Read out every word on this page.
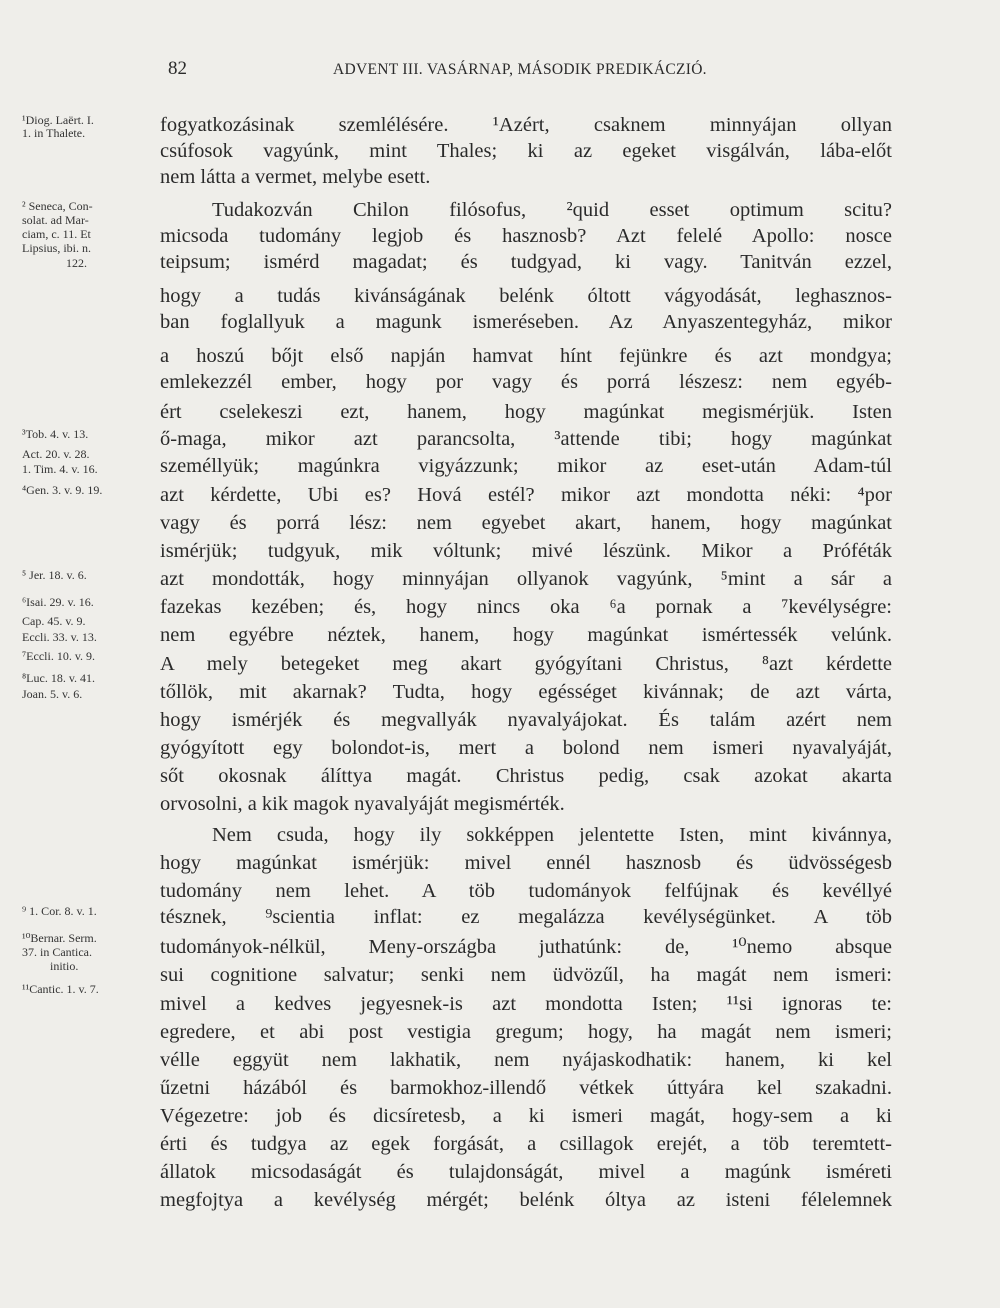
82	ADVENT III. VASÁRNAP, MÁSODIK PREDIKÁCZIÓ.
¹Diog. Laërt. I.
1. in Thalete.
² Seneca, Con-
solat. ad Mar-
ciam, c. 11. Et
Lipsius, ibi. n.
122.
³Tob. 4. v. 13.
Act. 20. v. 28.
1. Tim. 4. v. 16.
⁴Gen. 3. v. 9. 19.
⁵ Jer. 18. v. 6.
⁶Isai. 29. v. 16.
Cap. 45. v. 9.
Eccli. 33. v. 13.
⁷Eccli. 10. v. 9.
⁸Luc. 18. v. 41.
Joan. 5. v. 6.
⁹ 1. Cor. 8. v. 1.
¹⁰Bernar. Serm.
37. in Cantica.
initio.
¹¹Cantic. 1. v. 7.
fogyatkozásinak szemlélésére. ¹Azért, csaknem minnyájan ollyan
csúfosok vagyúnk, mint Thales; ki az egeket visgálván, lába-előt
nem látta a vermet, melybe esett.
Tudakozván Chilon filósofus, ²quid esset optimum scitu?
micsoda tudomány legjob és hasznosb? Azt felelé Apollo: nosce
teipsum; ismérd magadat; és tudgyad, ki vagy. Tanitván ezzel,
hogy a tudás kivánságának belénk óltott vágyodását, leghasznos-
ban foglallyuk a magunk ismeréseben. Az Anyaszentegyház, mikor
a hoszú bőjt első napján hamvat hínt fejünkre és azt mondgya;
emlekezzél ember, hogy por vagy és porrá lészesz: nem egyéb-
ért cselekeszi ezt, hanem, hogy magúnkat megismérjük. Isten
ő-maga, mikor azt parancsolta, ³attende tibi; hogy magúnkat
személlyük; magúnkra vigyázzunk; mikor az eset-után Adam-túl
azt kérdette, Ubi es? Hová estél? mikor azt mondotta néki: ⁴por
vagy és porrá lész: nem egyebet akart, hanem, hogy magúnkat
ismérjük; tudgyuk, mik vóltunk; mivé lészünk. Mikor a Próféták
azt mondották, hogy minnyájan ollyanok vagyúnk, ⁵mint a sár a
fazekas kezében; és, hogy nincs oka ⁶a pornak a ⁷kevélységre:
nem egyébre néztek, hanem, hogy magúnkat ismértessék velúnk.
A mely betegeket meg akart gyógyítani Christus, ⁸azt kérdette
tőllök, mit akarnak? Tudta, hogy egésséget kivánnak; de azt várta,
hogy ismérjék és megvallyák nyavalyájokat. És talám azért nem
gyógyított egy bolondot-is, mert a bolond nem ismeri nyavalyáját,
sőt okosnak álíttya magát. Christus pedig, csak azokat akarta
orvosolni, a kik magok nyavalyáját megismérték.
Nem csuda, hogy ily sokképpen jelentette Isten, mint kivánnya,
hogy magúnkat ismérjük: mivel ennél hasznosb és üdvösségesb
tudomány nem lehet. A töb tudományok felfújnak és kevéllyé
tésznek, ⁹scientia inflat: ez megalázza kevélységünket. A töb
tudományok-nélkül, Meny-országba juthatúnk: de, ¹⁰nemo absque
sui cognitione salvatur; senki nem üdvözűl, ha magát nem ismeri:
mivel a kedves jegyesnek-is azt mondotta Isten; ¹¹si ignoras te:
egredere, et abi post vestigia gregum; hogy, ha magát nem ismeri;
vélle eggyüt nem lakhatik, nem nyájaskodhatik: hanem, ki kel
űzetni házából és barmokhoz-illendő vétkek úttyára kel szakadni.
Végezetre: job és dicsíretesb, a ki ismeri magát, hogy-sem a ki
érti és tudgya az egek forgását, a csillagok erejét, a töb teremtett-
állatok micsodaságát és tulajdonságát, mivel a magúnk isméreti
megfojtya a kevélység mérgét; belénk óltya az isteni félelemnek
